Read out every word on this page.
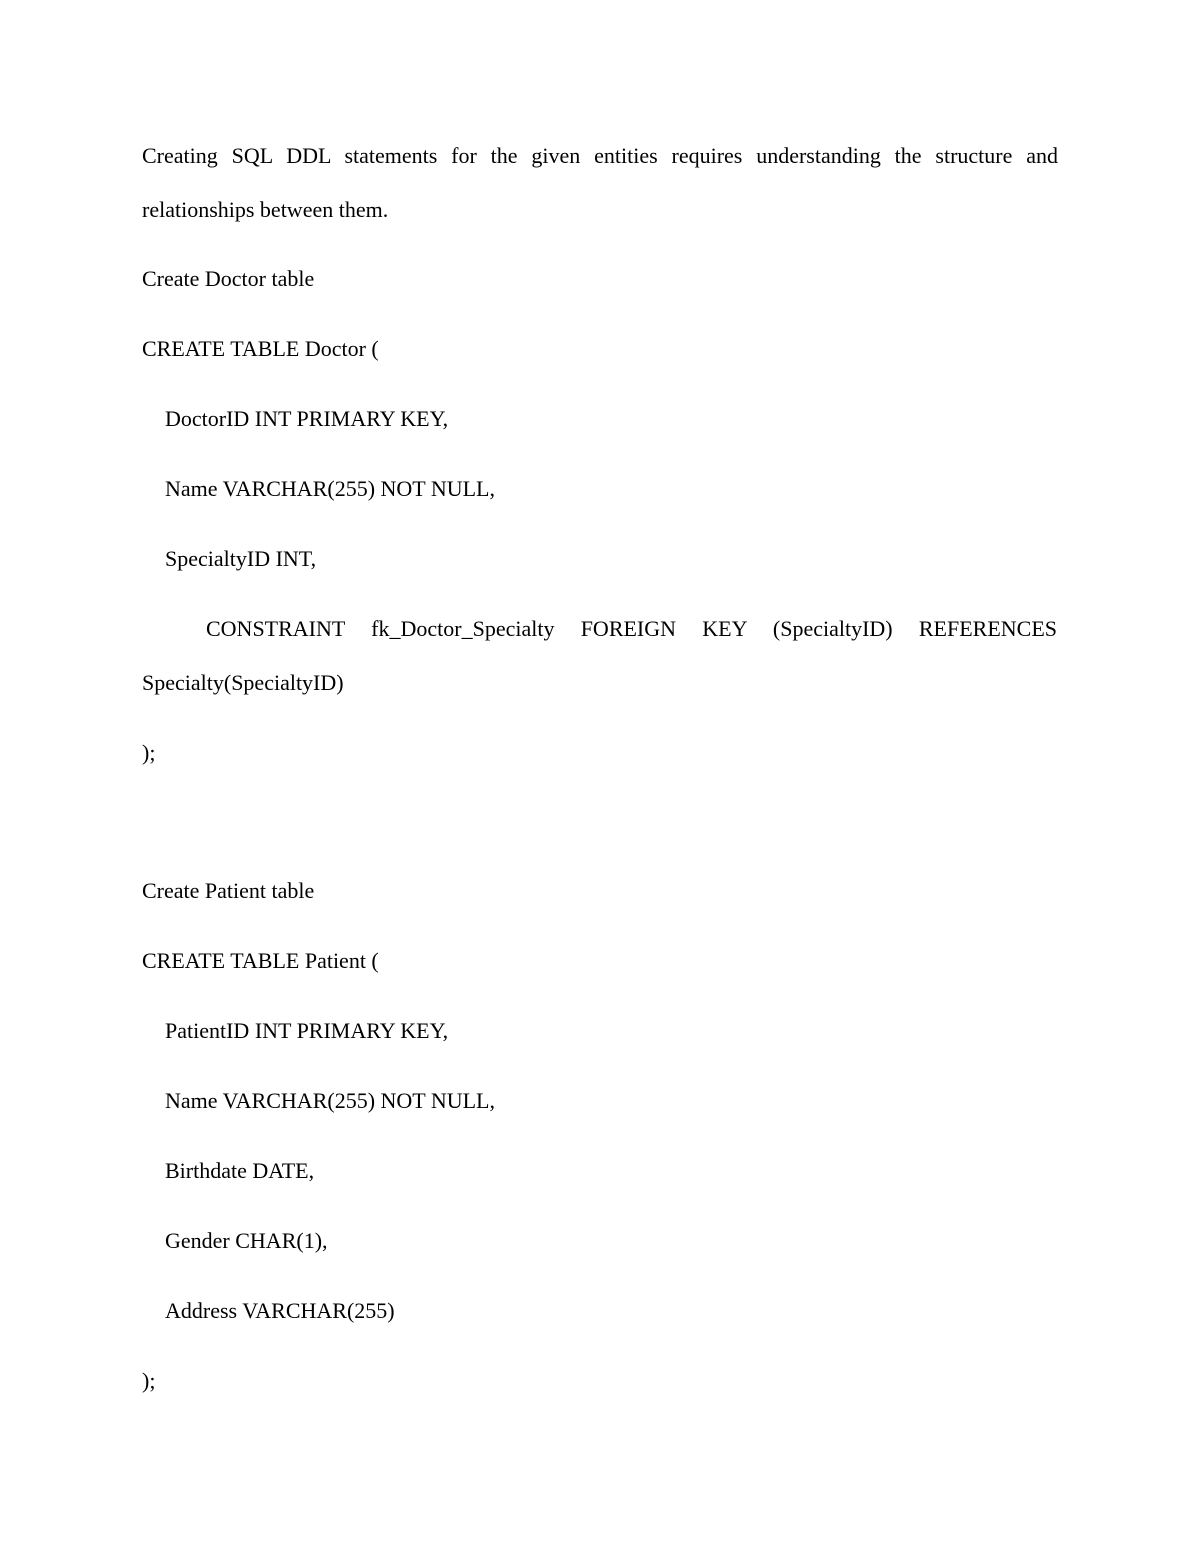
Creating SQL DDL statements for the given entities requires understanding the structure and
relationships between them.
Create Doctor table
CREATE TABLE Doctor (
DoctorID INT PRIMARY KEY,
Name VARCHAR(255) NOT NULL,
SpecialtyID INT,
CONSTRAINT fk_Doctor_Specialty FOREIGN KEY (SpecialtyID) REFERENCES
Specialty(SpecialtyID)
);
Create Patient table
CREATE TABLE Patient (
PatientID INT PRIMARY KEY,
Name VARCHAR(255) NOT NULL,
Birthdate DATE,
Gender CHAR(1),
Address VARCHAR(255)
);
